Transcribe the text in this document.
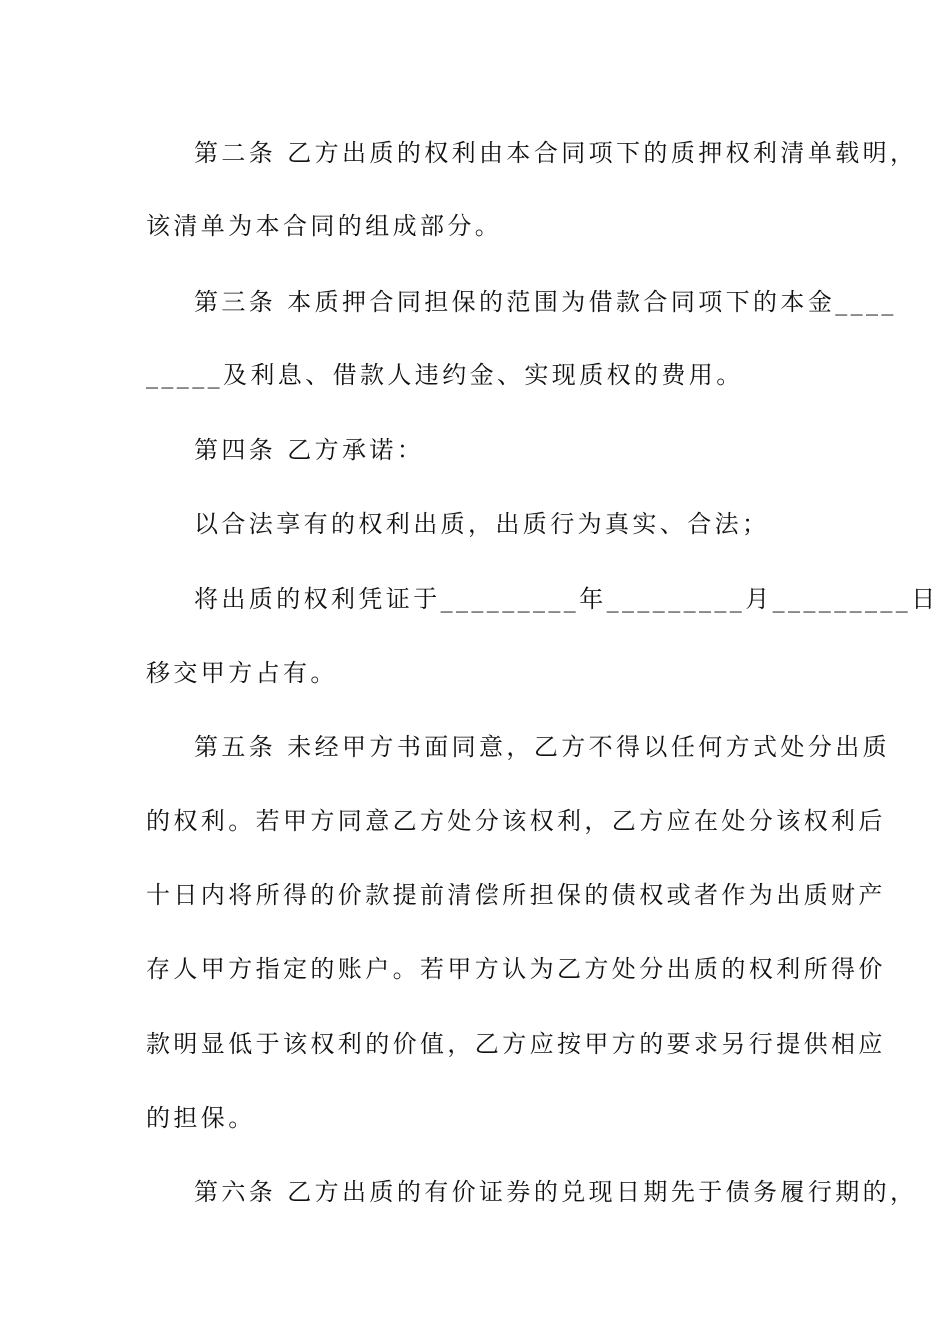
第二条 乙方出质的权利由本合同项下的质押权利清单载明，
该清单为本合同的组成部分。
第三条 本质押合同担保的范围为借款合同项下的本金____
_____及利息、借款人违约金、实现质权的费用。
第四条 乙方承诺：
以合法享有的权利出质，出质行为真实、合法；
将出质的权利凭证于_________年_________月_________日
移交甲方占有。
第五条 未经甲方书面同意，乙方不得以任何方式处分出质
的权利。若甲方同意乙方处分该权利，乙方应在处分该权利后
十日内将所得的价款提前清偿所担保的债权或者作为出质财产
存人甲方指定的账户。若甲方认为乙方处分出质的权利所得价
款明显低于该权利的价值，乙方应按甲方的要求另行提供相应
的担保。
第六条 乙方出质的有价证券的兑现日期先于债务履行期的，
